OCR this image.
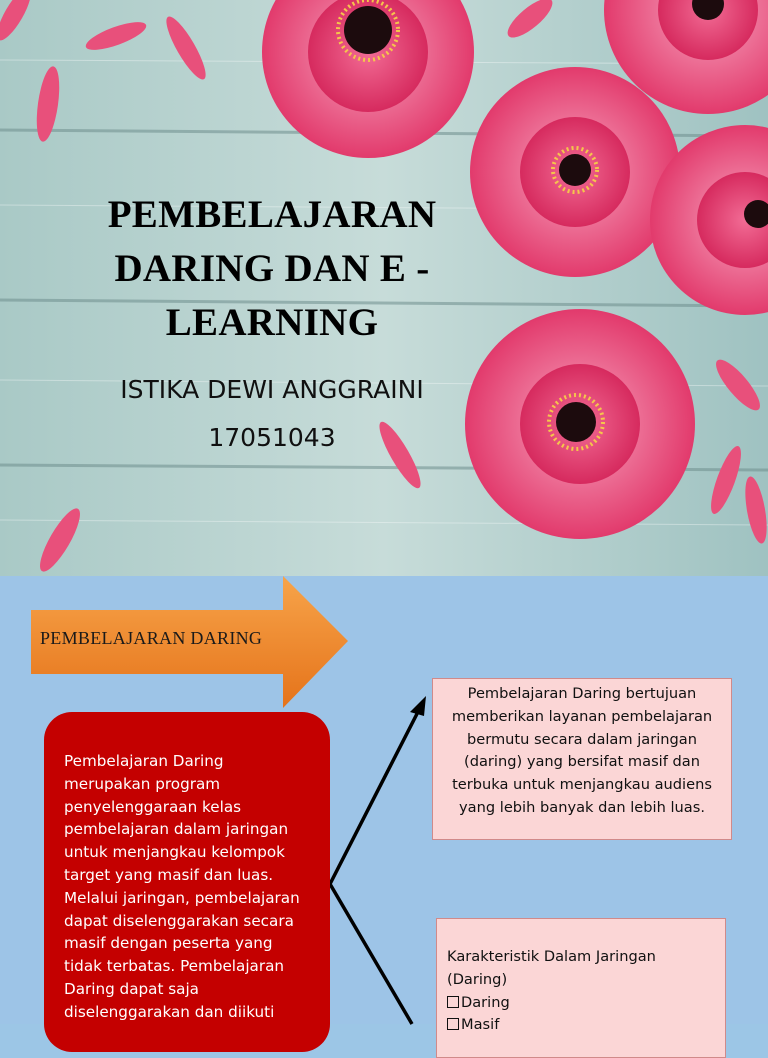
PEMBELAJARAN
DARING DAN E -
LEARNING
ISTIKA DEWI ANGGRAINI
17051043
PEMBELAJARAN DARING

Pembelajaran Daring merupakan program penyelenggaraan kelas pembelajaran dalam jaringan untuk menjangkau kelompok target yang masif dan luas. Melalui jaringan, pembelajaran dapat diselenggarakan secara masif dengan peserta yang tidak terbatas. Pembelajaran Daring dapat saja diselenggarakan dan diikuti

Pembelajaran Daring bertujuan memberikan layanan pembelajaran bermutu secara dalam jaringan (daring) yang bersifat masif dan terbuka untuk menjangkau audiens yang lebih banyak dan lebih luas.

Karakteristik Dalam Jaringan
(Daring)
Daring
Masif
